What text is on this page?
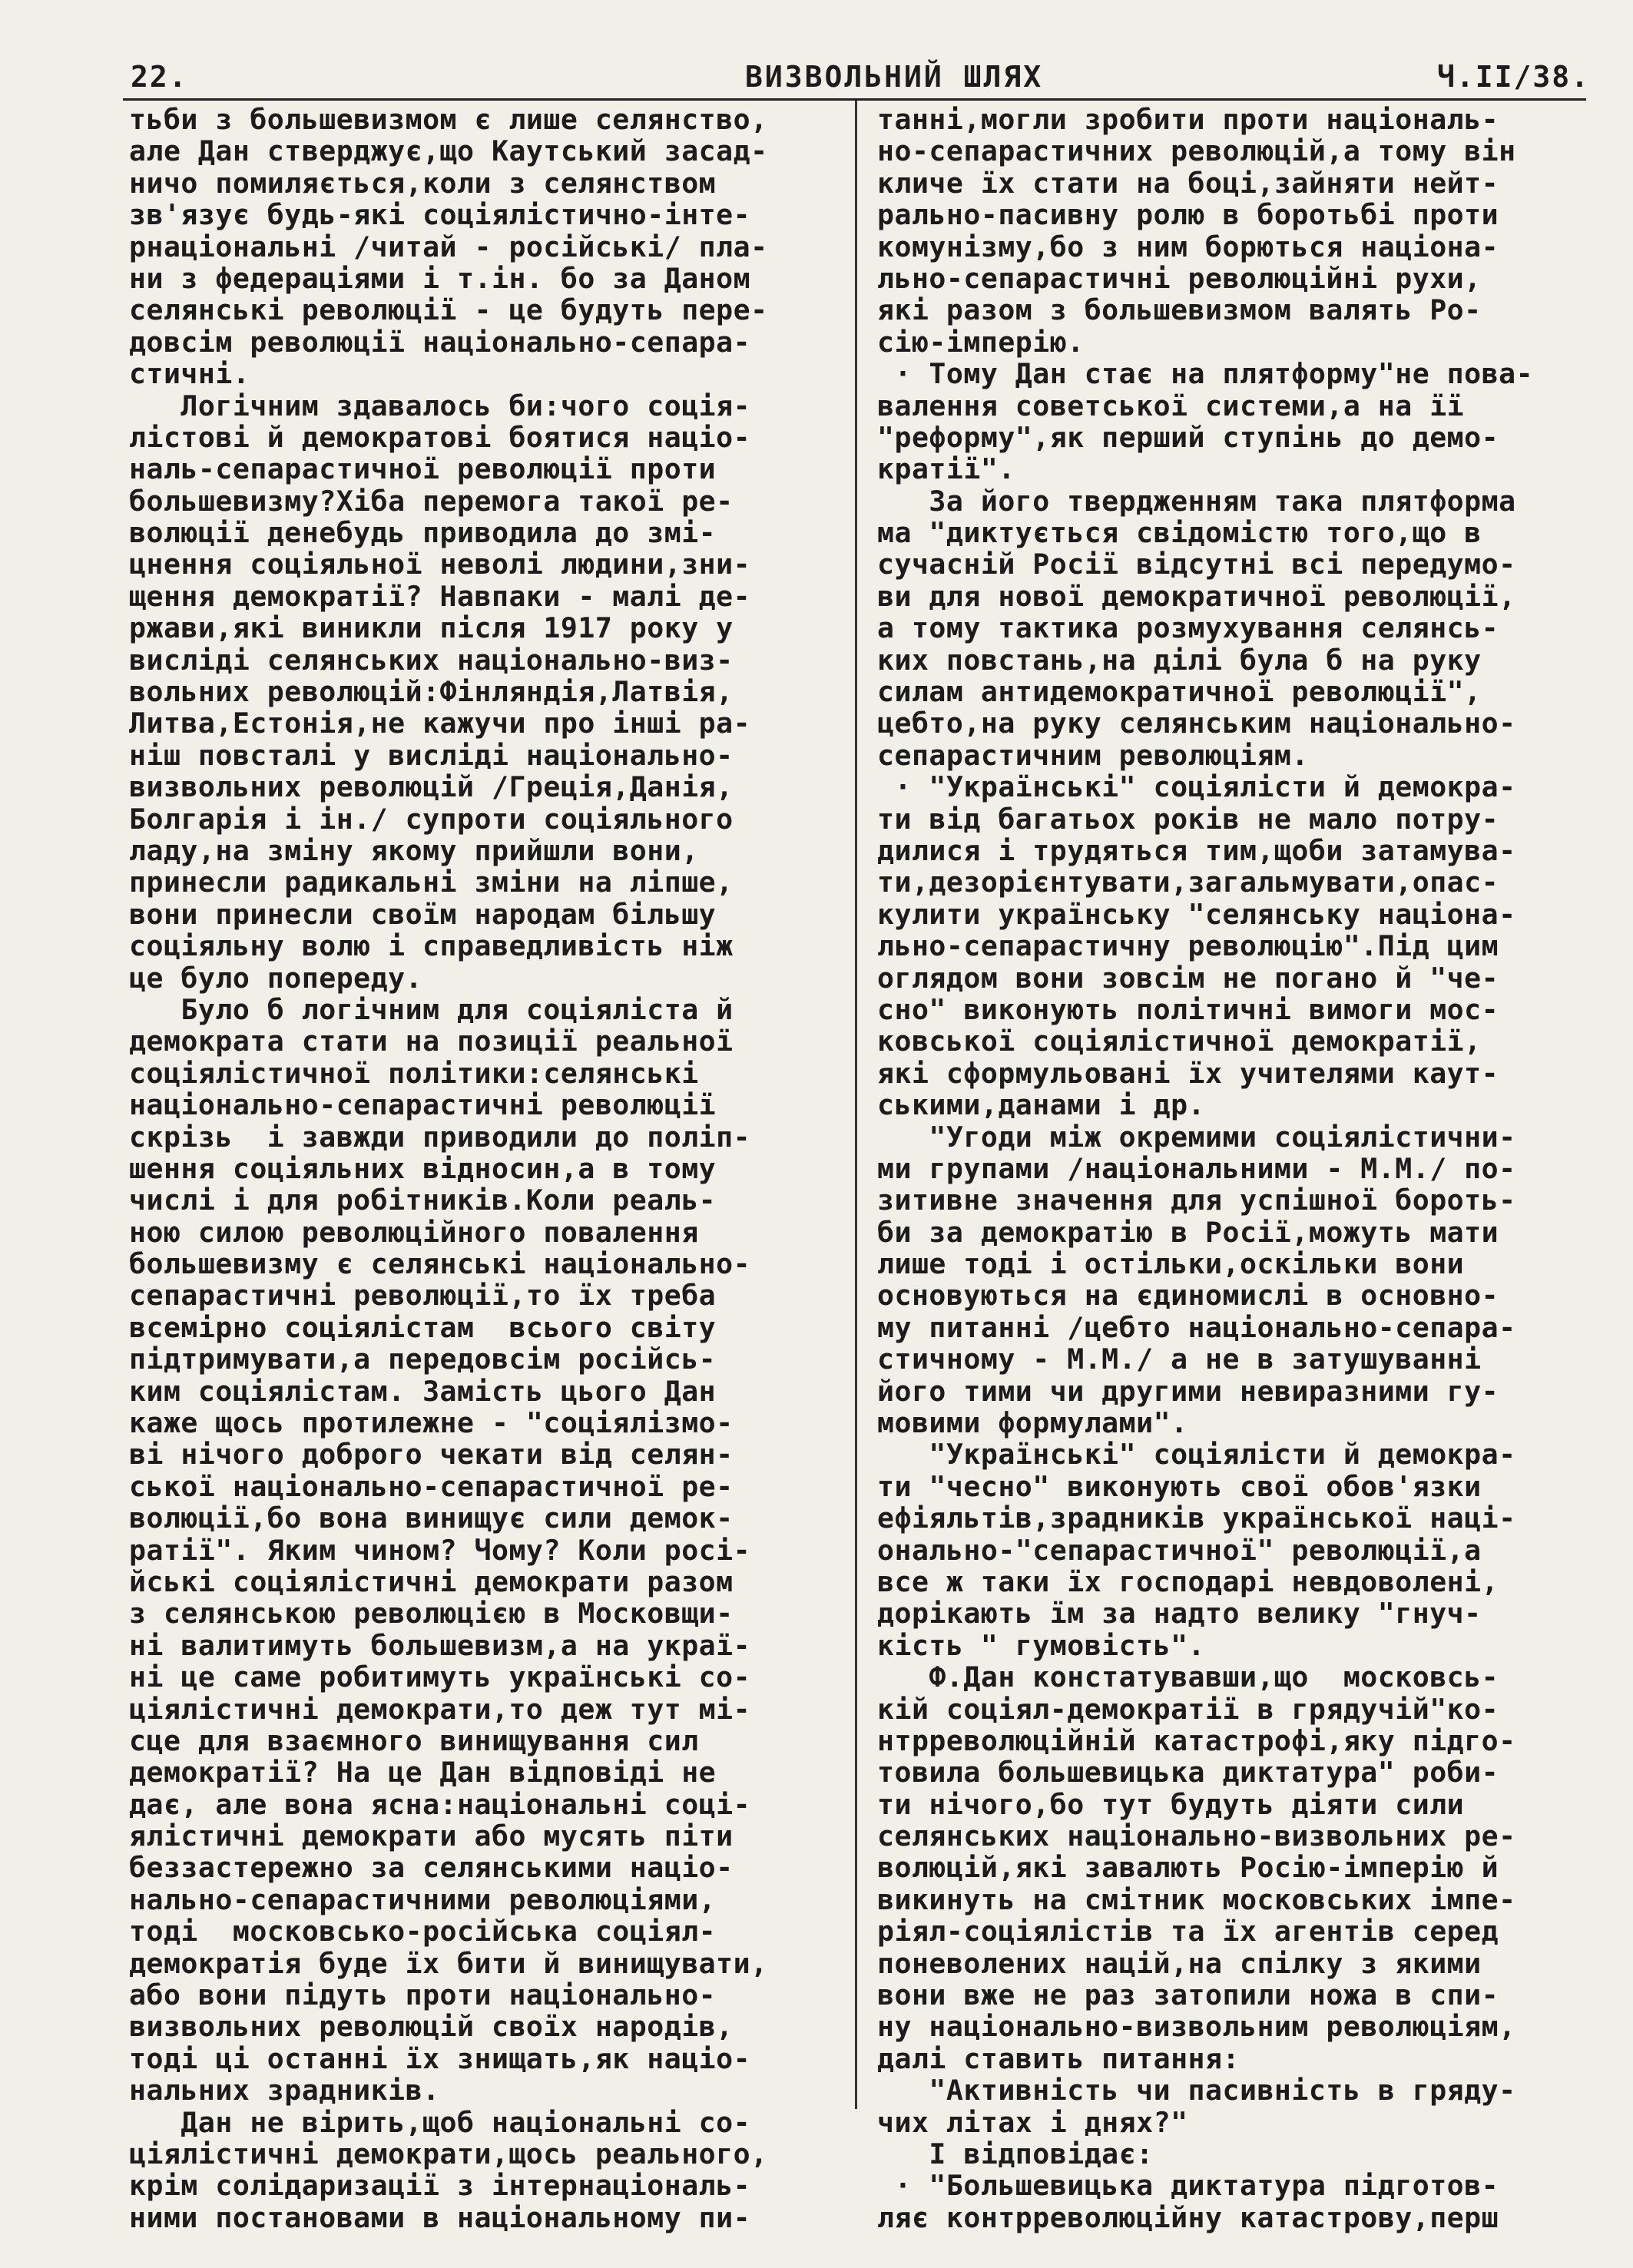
22.	ВИЗВОЛЬНИЙ ШЛЯХ	Ч.II/38.
тьби з большевизмом є лише селянство,
але Дан стверджує,що Каутський засад-
ничо помиляється,коли з селянством
зв'язує будь-які соціялістично-інте-
рнаціональні /читай - російські/ пла-
ни з федераціями і т.ін. бо за Даном
селянські революції - це будуть пере-
довсім революції національно-сепара-
стичні.
Логічним здавалось би:чого соція-
лістові й демократові боятися націо-
наль-сепарастичної революції проти
большевизму?Хіба перемога такої ре-
волюції денебудь приводила до змі-
цнення соціяльної неволі людини,зни-
щення демократії? Навпаки - малі де-
ржави,які виникли після 1917 року у
висліді селянських національно-виз-
вольних революцій:Фінляндія,Латвія,
Литва,Естонія,не кажучи про інші ра-
ніш повсталі у висліді національно-
визвольних революцій /Греція,Данія,
Болгарія і ін./ супроти соціяльного
ладу,на зміну якому прийшли вони,
принесли радикальні зміни на ліпше,
вони принесли своїм народам більшу
соціяльну волю і справедливість ніж
це було попереду.
Було б логічним для соціяліста й
демократа стати на позиції реальної
соціялістичної політики:селянські
національно-сепарастичні революції
скрізь  і завжди приводили до поліп-
шення соціяльних відносин,а в тому
числі і для робітників.Коли реаль-
ною силою революційного повалення
большевизму є селянські національно-
сепарастичні революції,то їх треба
всемірно соціялістам  всього світу
підтримувати,а передовсім російсь-
ким соціялістам. Замість цього Дан
каже щось протилежне - "соціялізмо-
ві нічого доброго чекати від селян-
ської національно-сепарастичної ре-
волюції,бо вона винищує сили демок-
ратії". Яким чином? Чому? Коли росі-
йські соціялістичні демократи разом
з селянською революцією в Московщи-
ні валитимуть большевизм,а на украї-
ні це саме робитимуть українські со-
ціялістичні демократи,то деж тут мі-
сце для взаємного винищування сил
демократії? На це Дан відповіді не
дає, але вона ясна:національні соці-
ялістичні демократи або мусять піти
беззастережно за селянськими націо-
нально-сепарастичними революціями,
тоді  московсько-російська соціял-
демократія буде їх бити й винищувати,
або вони підуть проти національно-
визвольних революцій своїх народів,
тоді ці останні їх знищать,як націо-
нальних зрадників.
Дан не вірить,щоб національні со-
ціялістичні демократи,щось реального,
крім солідаризації з інтернаціональ-
ними постановами в національному пи-
танні,могли зробити проти національ-
но-сепарастичних революцій,а тому він
кличе їх стати на боці,зайняти нейт-
рально-пасивну ролю в боротьбі проти
комунізму,бо з ним борються націона-
льно-сепарастичні революційні рухи,
які разом з большевизмом валять Ро-
сію-імперію.
· Тому Дан стає на плятформу"не пова-
валення советської системи,а на її
"реформу",як перший ступінь до демо-
кратії".
За його твердженням така плятформа
ма "диктується свідомістю того,що в
сучасній Росії відсутні всі передумо-
ви для нової демократичної революції,
а тому тактика розмухування селянсь-
ких повстань,на ділі була б на руку
силам антидемократичної революції",
цебто,на руку селянським національно-
сепарастичним революціям.
· "Українські" соціялісти й демокра-
ти від багатьох років не мало потру-
дилися і трудяться тим,щоби затамува-
ти,дезорієнтувати,загальмувати,опас-
кулити українську "селянську націона-
льно-сепарастичну революцію".Під цим
оглядом вони зовсім не погано й "че-
сно" виконують політичні вимоги мос-
ковської соціялістичної демократії,
які сформульовані їх учителями каут-
ськими,данами і др.
"Угоди між окремими соціялістични-
ми групами /національними - М.М./ по-
зитивне значення для успішної бороть-
би за демократію в Росії,можуть мати
лише тоді і остільки,оскільки вони
основуються на єдиномислі в основно-
му питанні /цебто національно-сепара-
стичному - М.М./ а не в затушуванні
його тими чи другими невиразними гу-
мовими формулами".
"Українські" соціялісти й демокра-
ти "чесно" виконують свої обов'язки
ефіяльтів,зрадників української наці-
онально-"сепарастичної" революції,а
все ж таки їх господарі невдоволені,
дорікають їм за надто велику "гнуч-
кість " гумовість".
Ф.Дан констатувавши,що  московсь-
кій соціял-демократії в грядучій"ко-
нтрреволюційній катастрофі,яку підго-
товила большевицька диктатура" роби-
ти нічого,бо тут будуть діяти сили
селянських національно-визвольних ре-
волюцій,які завалють Росію-імперію й
викинуть на смітник московських імпе-
ріял-соціялістів та їх агентів серед
поневолених націй,на спілку з якими
вони вже не раз затопили ножа в спи-
ну національно-визвольним революціям,
далі ставить питання:
"Активність чи пасивність в гряду-
чих літах і днях?"
І відповідає:
· "Большевицька диктатура підготов-
ляє контрреволюційну катастрову,перш
